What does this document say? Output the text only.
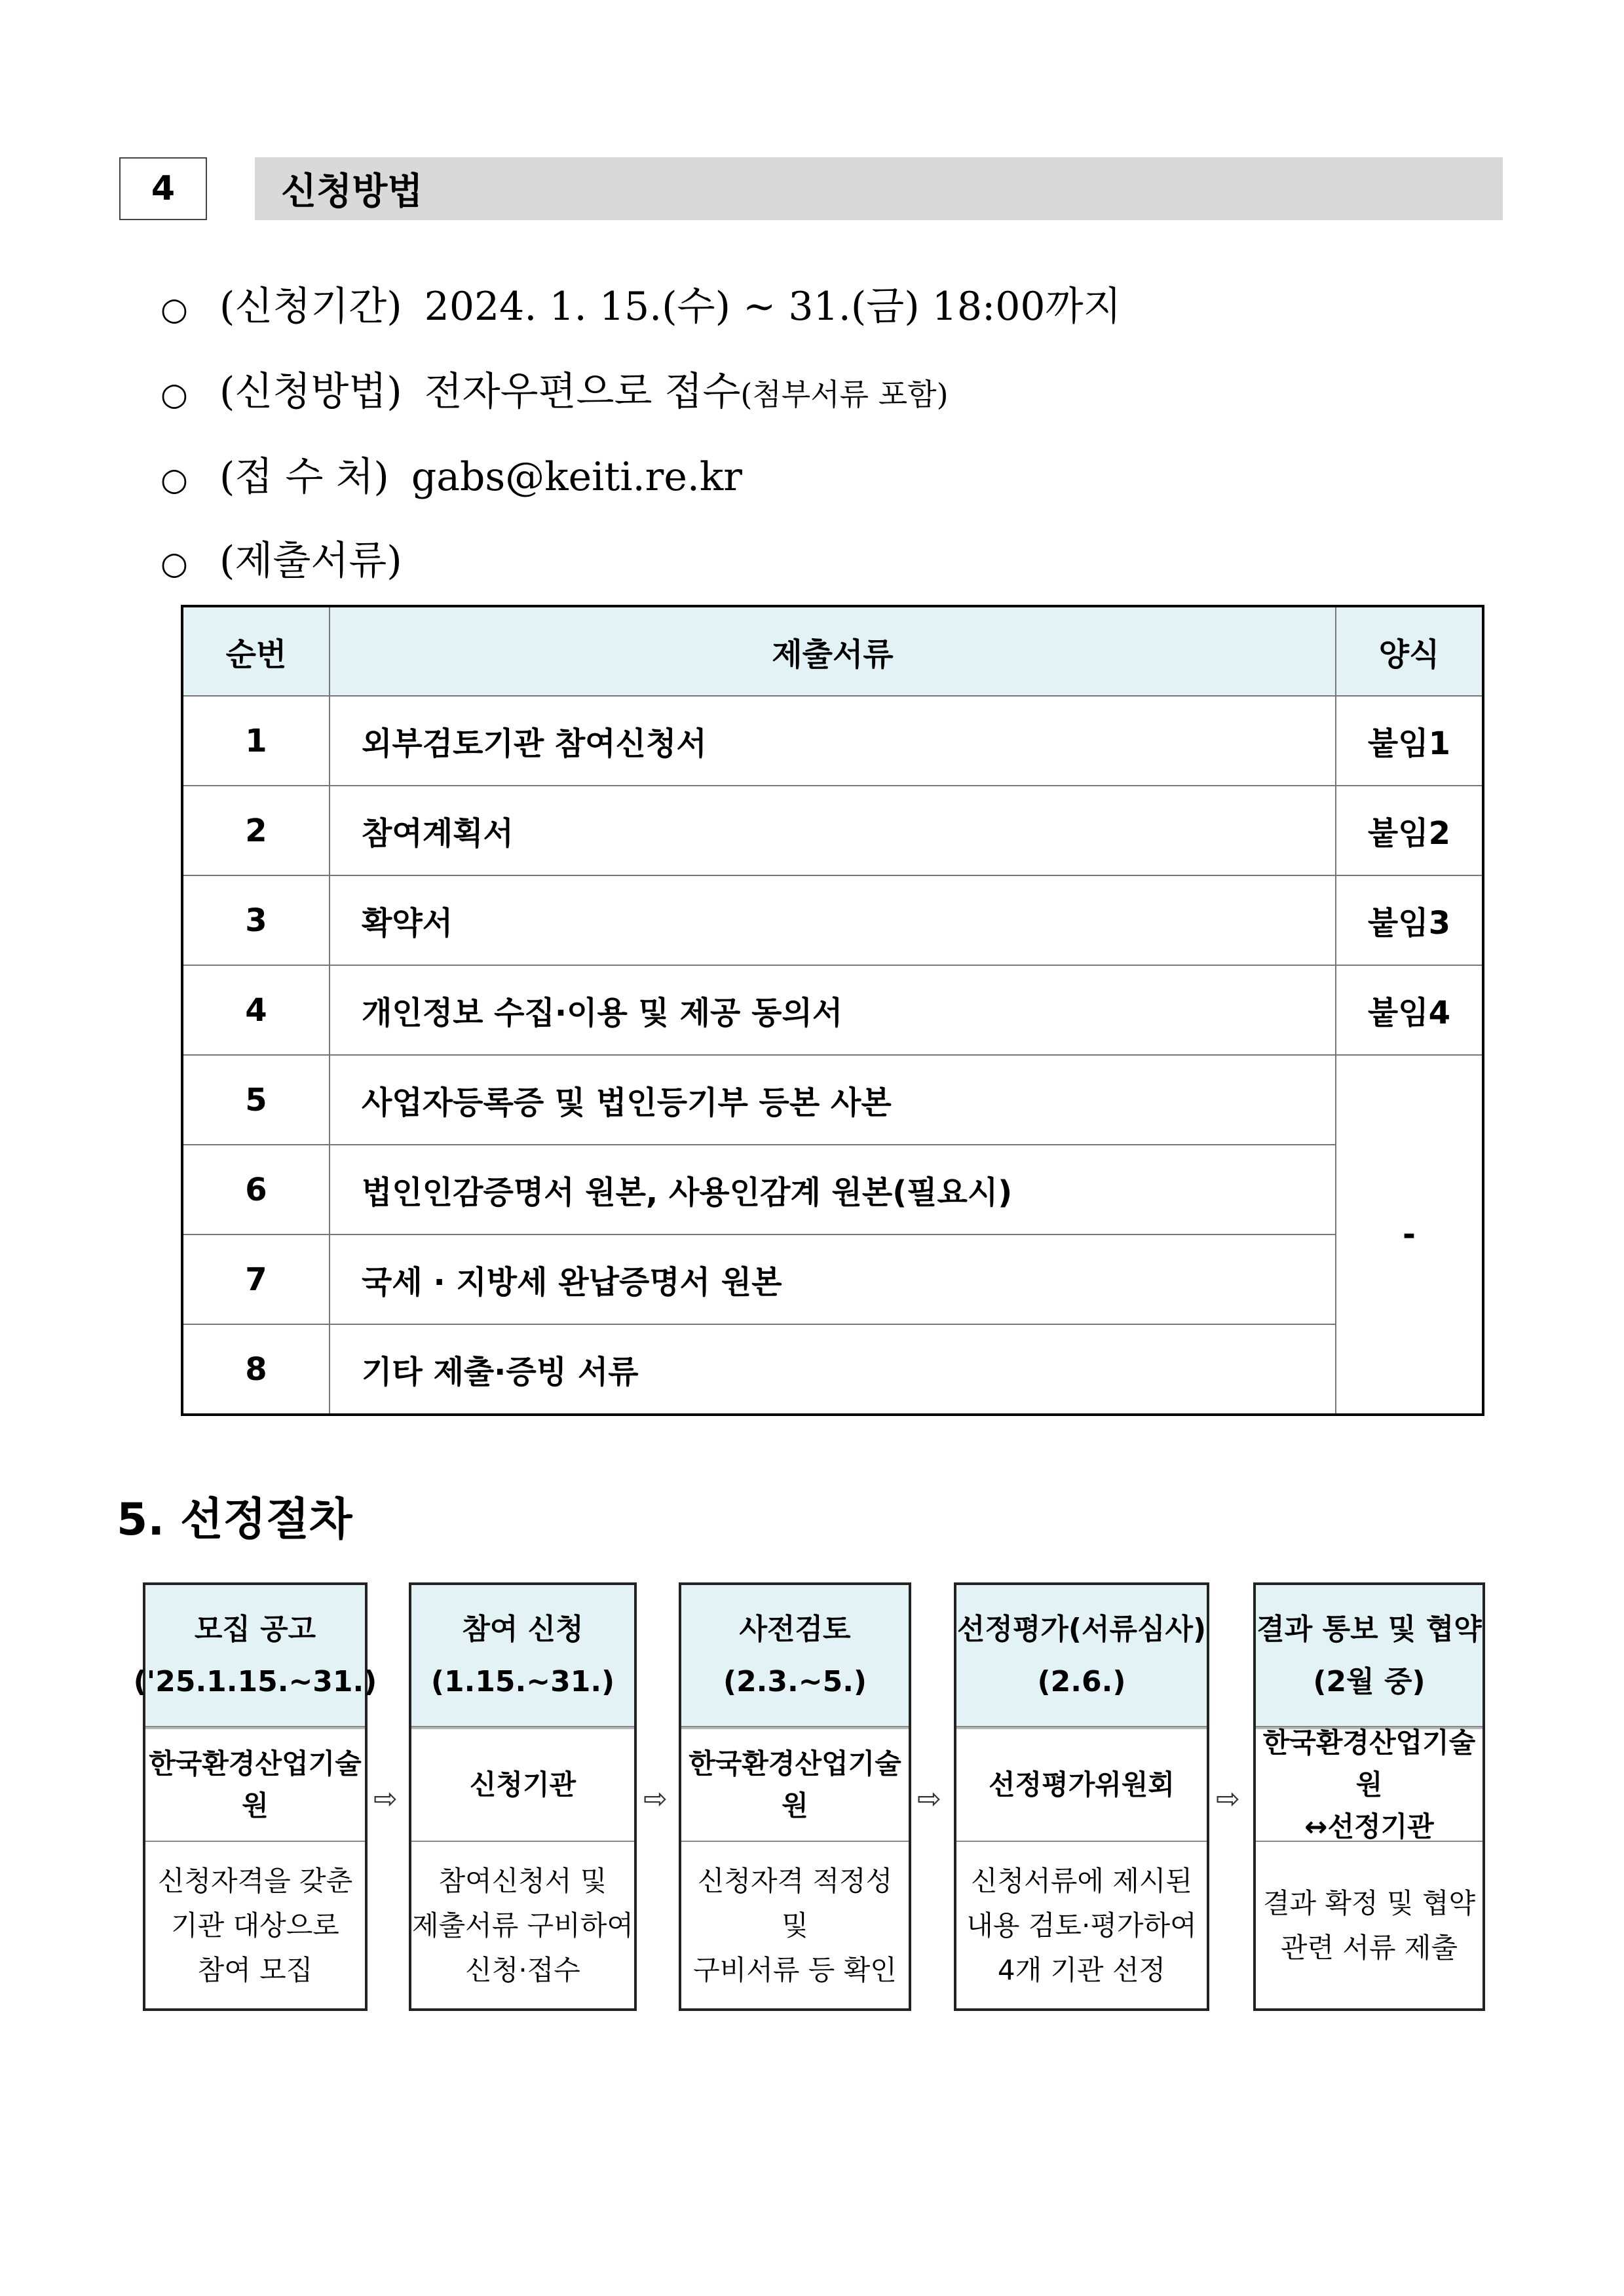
4	신청방법
○ (신청기간) 2024. 1. 15.(수) ~ 31.(금) 18:00까지
○ (신청방법) 전자우편으로 접수 (첨부서류 포함)
○ (접 수 처) gabs@keiti.re.kr
○ (제출서류)
순번	제출서류	양식
1	외부검토기관 참여신청서	붙임1
2	참여계획서	붙임2
3	확약서	붙임3
4	개인정보 수집·이용 및 제공 동의서	붙임4
5	사업자등록증 및 법인등기부 등본 사본	-
6	법인인감증명서 원본, 사용인감계 원본(필요시)	
7	국세 · 지방세 완납증명서 원본	
8	기타 제출·증빙 서류	
5. 선정절차
모집 공고
('25.1.15.~31.)
한국환경산업기술원
신청자격을 갖춘
기관 대상으로
참여 모집
⇨
참여 신청
(1.15.~31.)
신청기관
참여신청서 및
제출서류 구비하여
신청·접수
⇨
사전검토
(2.3.~5.)
한국환경산업기술원
신청자격 적정성
및
구비서류 등 확인
⇨
선정평가(서류심사)
(2.6.)
선정평가위원회
신청서류에 제시된
내용 검토·평가하여
4개 기관 선정
⇨
결과 통보 및 협약
(2월 중)
한국환경산업기술원
↔선정기관
결과 확정 및 협약
관련 서류 제출
